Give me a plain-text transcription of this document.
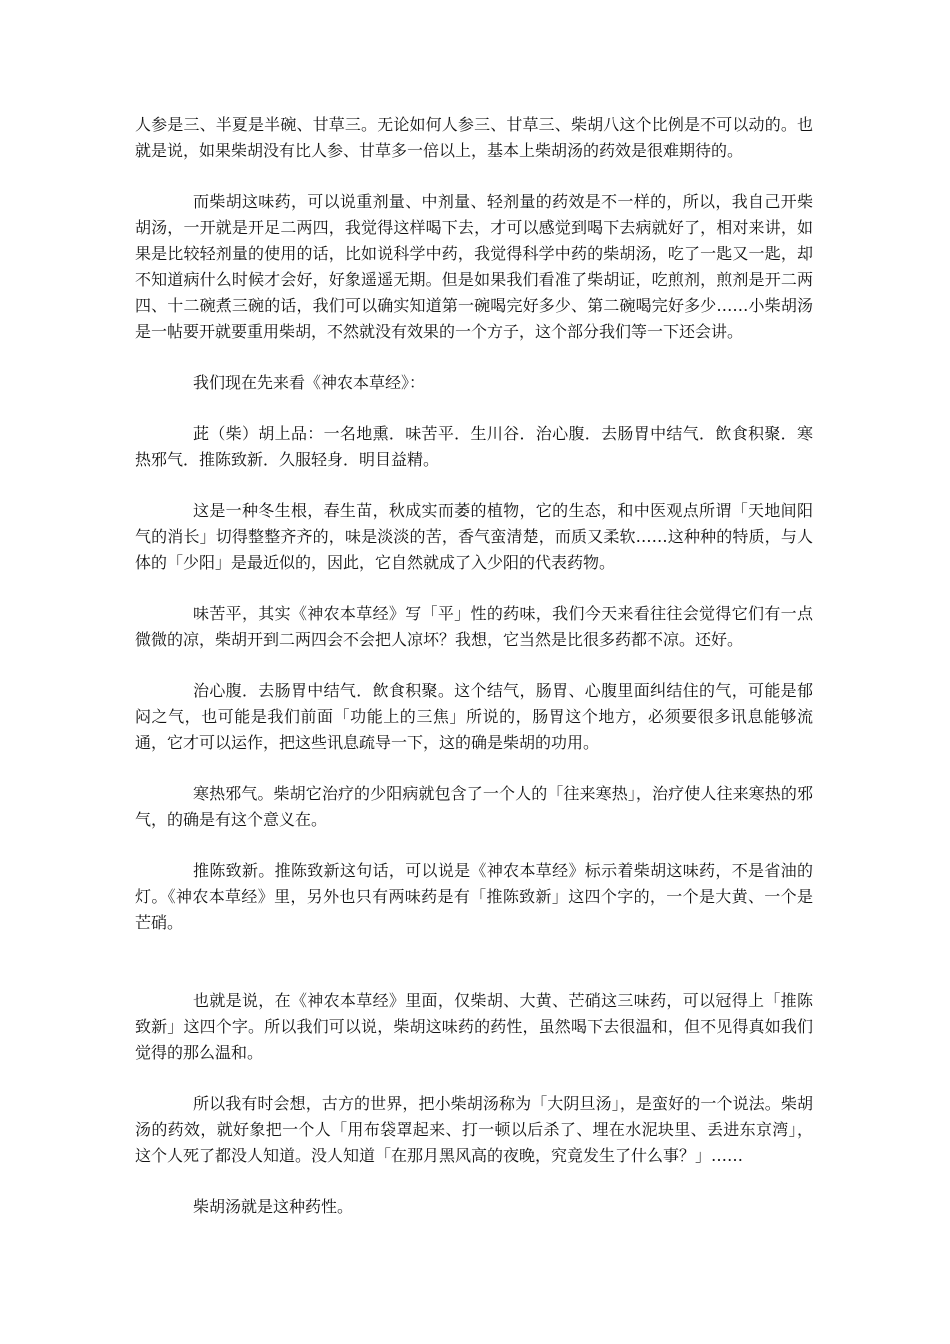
人参是三、半夏是半碗、甘草三。无论如何人参三、甘草三、柴胡八这个比例是不可以动的。也就是说，如果柴胡没有比人参、甘草多一倍以上，基本上柴胡汤的药效是很难期待的。

而柴胡这味药，可以说重剂量、中剂量、轻剂量的药效是不一样的，所以，我自己开柴胡汤，一开就是开足二两四，我觉得这样喝下去，才可以感觉到喝下去病就好了，相对来讲，如果是比较轻剂量的使用的话，比如说科学中药，我觉得科学中药的柴胡汤，吃了一匙又一匙，却不知道病什么时候才会好，好象遥遥无期。但是如果我们看准了柴胡证，吃煎剂，煎剂是开二两四、十二碗煮三碗的话，我们可以确实知道第一碗喝完好多少、第二碗喝完好多少……小柴胡汤是一帖要开就要重用柴胡，不然就没有效果的一个方子，这个部分我们等一下还会讲。

我们现在先来看《神农本草经》：

茈（柴）胡上品：一名地熏．味苦平．生川谷．治心腹．去肠胃中结气．飲食积聚．寒热邪气．推陈致新．久服轻身．明目益精。

这是一种冬生根，春生苗，秋成实而萎的植物，它的生态，和中医观点所谓「天地间阳气的消长」切得整整齐齐的，味是淡淡的苦，香气蛮清楚，而质又柔软……这种种的特质，与人体的「少阳」是最近似的，因此，它自然就成了入少阳的代表药物。

味苦平，其实《神农本草经》写「平」性的药味，我们今天来看往往会觉得它们有一点微微的凉，柴胡开到二两四会不会把人凉坏？我想，它当然是比很多药都不凉。还好。

治心腹．去肠胃中结气．飲食积聚。这个结气，肠胃、心腹里面纠结住的气，可能是郁闷之气，也可能是我们前面「功能上的三焦」所说的，肠胃这个地方，必须要很多讯息能够流通，它才可以运作，把这些讯息疏导一下，这的确是柴胡的功用。

寒热邪气。柴胡它治疗的少阳病就包含了一个人的「往来寒热」，治疗使人往来寒热的邪气，的确是有这个意义在。

推陈致新。推陈致新这句话，可以说是《神农本草经》标示着柴胡这味药，不是省油的灯。《神农本草经》里，另外也只有两味药是有「推陈致新」这四个字的，一个是大黄、一个是芒硝。

也就是说，在《神农本草经》里面，仅柴胡、大黄、芒硝这三味药，可以冠得上「推陈致新」这四个字。所以我们可以说，柴胡这味药的药性，虽然喝下去很温和，但不见得真如我们觉得的那么温和。

所以我有时会想，古方的世界，把小柴胡汤称为「大阴旦汤」，是蛮好的一个说法。柴胡汤的药效，就好象把一个人「用布袋罩起来、打一顿以后杀了、埋在水泥块里、丢进东京湾」，这个人死了都没人知道。没人知道「在那月黑风高的夜晚，究竟发生了什么事？」……

柴胡汤就是这种药性。
